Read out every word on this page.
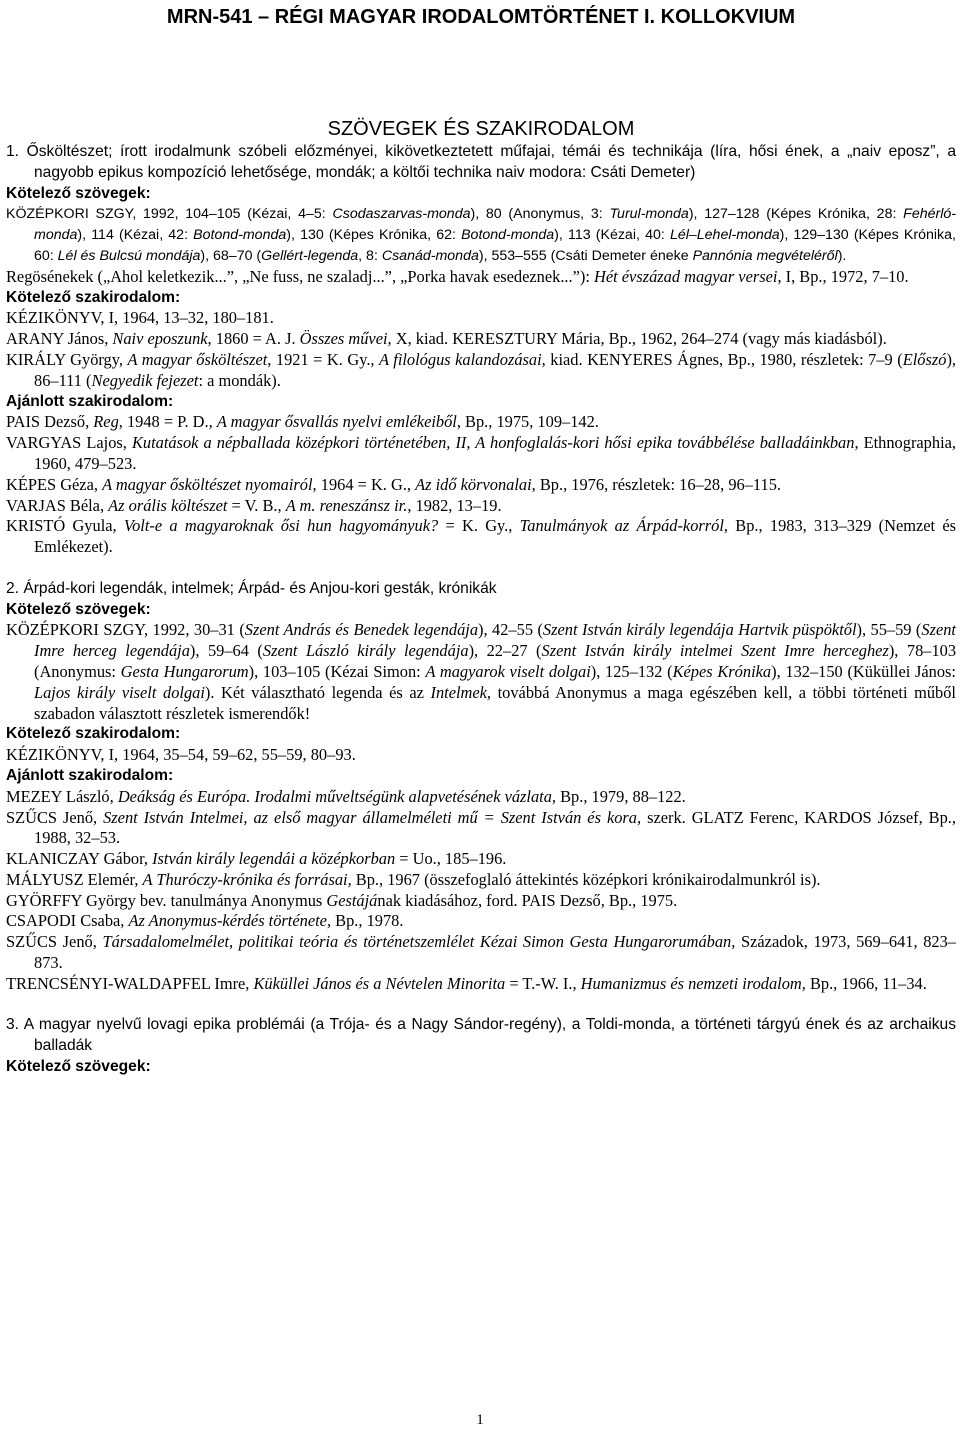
MRN-541 – RÉGI MAGYAR IRODALOMTÖRTÉNET I. KOLLOKVIUM
SZÖVEGEK ÉS SZAKIRODALOM
1. Ősköltészet; írott irodalmunk szóbeli előzményei, kikövetkeztetett műfajai, témái és technikája (líra, hősi ének, a „naiv eposz”, a nagyobb epikus kompozíció lehetősége, mondák; a költői technika naiv modora: Csáti Demeter)
Kötelező szövegek:
KÖZÉPKORI SZGY, 1992, 104–105 (Kézai, 4–5: Csodaszarvas-monda), 80 (Anonymus, 3: Turul-monda), 127–128 (Képes Krónika, 28: Fehérló-monda), 114 (Kézai, 42: Botond-monda), 130 (Képes Krónika, 62: Botond-monda), 113 (Kézai, 40: Lél–Lehel-monda), 129–130 (Képes Krónika, 60: Lél és Bulcsú mondája), 68–70 (Gellért-legenda, 8: Csanád-monda), 553–555 (Csáti Demeter éneke Pannónia megvételéről).
Regösénekek („Ahol keletkezik...”, „Ne fuss, ne szaladj...”, „Porka havak esedeznek...”): Hét évszázad magyar versei, I, Bp., 1972, 7–10.
Kötelező szakirodalom:
KÉZIKÖNYV, I, 1964, 13–32, 180–181.
ARANY János, Naiv eposzunk, 1860 = A. J. Összes művei, X, kiad. KERESZTURY Mária, Bp., 1962, 264–274 (vagy más kiadásból).
KIRÁLY György, A magyar ősköltészet, 1921 = K. Gy., A filológus kalandozásai, kiad. KENYERES Ágnes, Bp., 1980, részletek: 7–9 (Előszó), 86–111 (Negyedik fejezet: a mondák).
Ajánlott szakirodalom:
PAIS Dezső, Reg, 1948 = P. D., A magyar ősvallás nyelvi emlékeiből, Bp., 1975, 109–142.
VARGYAS Lajos, Kutatások a népballada középkori történetében, II, A honfoglalás-kori hősi epika továbbélése balladáinkban, Ethnographia, 1960, 479–523.
KÉPES Géza, A magyar ősköltészet nyomairól, 1964 = K. G., Az idő körvonalai, Bp., 1976, részletek: 16–28, 96–115.
VARJAS Béla, Az orális költészet = V. B., A m. reneszánsz ir., 1982, 13–19.
KRISTÓ Gyula, Volt-e a magyaroknak ősi hun hagyományuk? = K. Gy., Tanulmányok az Árpád-korról, Bp., 1983, 313–329 (Nemzet és Emlékezet).
2. Árpád-kori legendák, intelmek; Árpád- és Anjou-kori gesták, krónikák
Kötelező szövegek:
KÖZÉPKORI SZGY, 1992, 30–31 (Szent András és Benedek legendája), 42–55 (Szent István király legendája Hartvik püspöktől), 55–59 (Szent Imre herceg legendája), 59–64 (Szent László király legendája), 22–27 (Szent István király intelmei Szent Imre herceghez), 78–103 (Anonymus: Gesta Hungarorum), 103–105 (Kézai Simon: A magyarok viselt dolgai), 125–132 (Képes Krónika), 132–150 (Küküllei János: Lajos király viselt dolgai). Két választható legenda és az Intelmek, továbbá Anonymus a maga egészében kell, a többi történeti műből szabadon választott részletek ismerendők!
Kötelező szakirodalom:
KÉZIKÖNYV, I, 1964, 35–54, 59–62, 55–59, 80–93.
Ajánlott szakirodalom:
MEZEY László, Deákság és Európa. Irodalmi műveltségünk alapvetésének vázlata, Bp., 1979, 88–122.
SZŰCS Jenő, Szent István Intelmei, az első magyar államelméleti mű = Szent István és kora, szerk. GLATZ Ferenc, KARDOS József, Bp., 1988, 32–53.
KLANICZAY Gábor, István király legendái a középkorban = Uo., 185–196.
MÁLYUSZ Elemér, A Thuróczy-krónika és forrásai, Bp., 1967 (összefoglaló áttekintés középkori krónikairodalmunkról is).
GYÖRFFY György bev. tanulmánya Anonymus Gestájának kiadásához, ford. PAIS Dezső, Bp., 1975.
CSAPODI Csaba, Az Anonymus-kérdés története, Bp., 1978.
SZŰCS Jenő, Társadalomelmélet, politikai teória és történetszemlélet Kézai Simon Gesta Hungarorumában, Századok, 1973, 569–641, 823–873.
TRENCSÉNYI-WALDAPFEL Imre, Küküllei János és a Névtelen Minorita = T.-W. I., Humanizmus és nemzeti irodalom, Bp., 1966, 11–34.
3. A magyar nyelvű lovagi epika problémái (a Trója- és a Nagy Sándor-regény), a Toldi-monda, a történeti tárgyú ének és az archaikus balladák
Kötelező szövegek:
1
